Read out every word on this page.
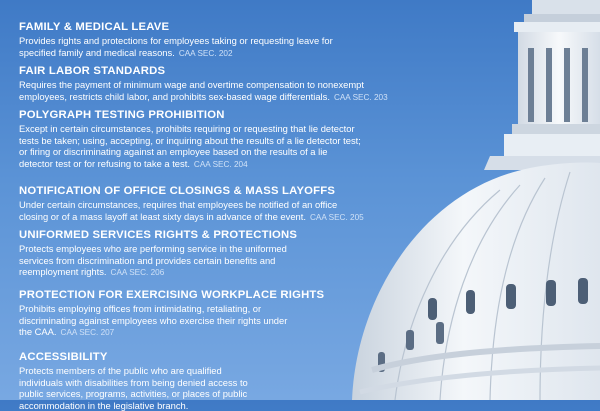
FAMILY & MEDICAL LEAVE
Provides rights and protections for employees taking or requesting leave for
specified family and medical reasons. CAA SEC. 202
FAIR LABOR STANDARDS
Requires the payment of minimum wage and overtime compensation to nonexempt
employees, restricts child labor, and prohibits sex-based wage differentials. CAA SEC. 203
POLYGRAPH TESTING PROHIBITION
Except in certain circumstances, prohibits requiring or requesting that lie detector
tests be taken; using, accepting, or inquiring about the results of a lie detector test;
or firing or discriminating against an employee based on the results of a lie
detector test or for refusing to take a test. CAA SEC. 204
NOTIFICATION OF OFFICE CLOSINGS & MASS LAYOFFS
Under certain circumstances, requires that employees be notified of an office
closing or of a mass layoff at least sixty days in advance of the event. CAA SEC. 205
UNIFORMED SERVICES RIGHTS & PROTECTIONS
Protects employees who are performing service in the uniformed
services from discrimination and provides certain benefits and
reemployment rights. CAA SEC. 206
PROTECTION FOR EXERCISING WORKPLACE RIGHTS
Prohibits employing offices from intimidating, retaliating, or
discriminating against employees who exercise their rights under
the CAA. CAA SEC. 207
ACCESSIBILITY
Protects members of the public who are qualified
individuals with disabilities from being denied access to
public services, programs, activities, or places of public
accommodation in the legislative branch.
